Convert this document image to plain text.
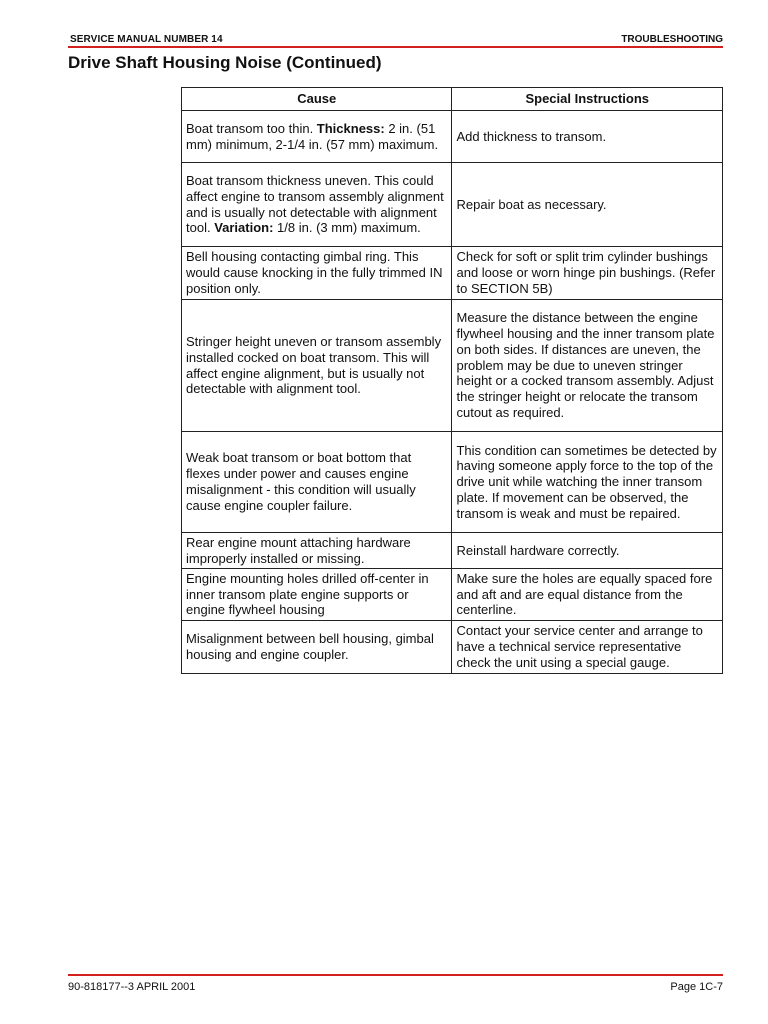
SERVICE MANUAL NUMBER 14	TROUBLESHOOTING
Drive Shaft Housing Noise (Continued)
Cause	Special Instructions
Boat transom too thin. Thickness: 2 in. (51 mm) minimum, 2-1/4 in. (57 mm) maximum.	Add thickness to transom.
Boat transom thickness uneven. This could affect engine to transom assembly alignment and is usually not detectable with alignment tool. Variation: 1/8 in. (3 mm) maximum.	Repair boat as necessary.
Bell housing contacting gimbal ring. This would cause knocking in the fully trimmed IN position only.	Check for soft or split trim cylinder bushings and loose or worn hinge pin bushings. (Refer to SECTION 5B)
Stringer height uneven or transom assembly installed cocked on boat transom. This will affect engine alignment, but is usually not detectable with alignment tool.	Measure the distance between the engine flywheel housing and the inner transom plate on both sides. If distances are uneven, the problem may be due to uneven stringer height or a cocked transom assembly. Adjust the stringer height or relocate the transom cutout as required.
Weak boat transom or boat bottom that flexes under power and causes engine misalignment - this condition will usually cause engine coupler failure.	This condition can sometimes be detected by having someone apply force to the top of the drive unit while watching the inner transom plate. If movement can be observed, the transom is weak and must be repaired.
Rear engine mount attaching hardware improperly installed or missing.	Reinstall hardware correctly.
Engine mounting holes drilled off-center in inner transom plate engine supports or engine flywheel housing	Make sure the holes are equally spaced fore and aft and are equal distance from the centerline.
Misalignment between bell housing, gimbal housing and engine coupler.	Contact your service center and arrange to have a technical service representative check the unit using a special gauge.
90-818177--3 APRIL 2001	Page 1C-7
